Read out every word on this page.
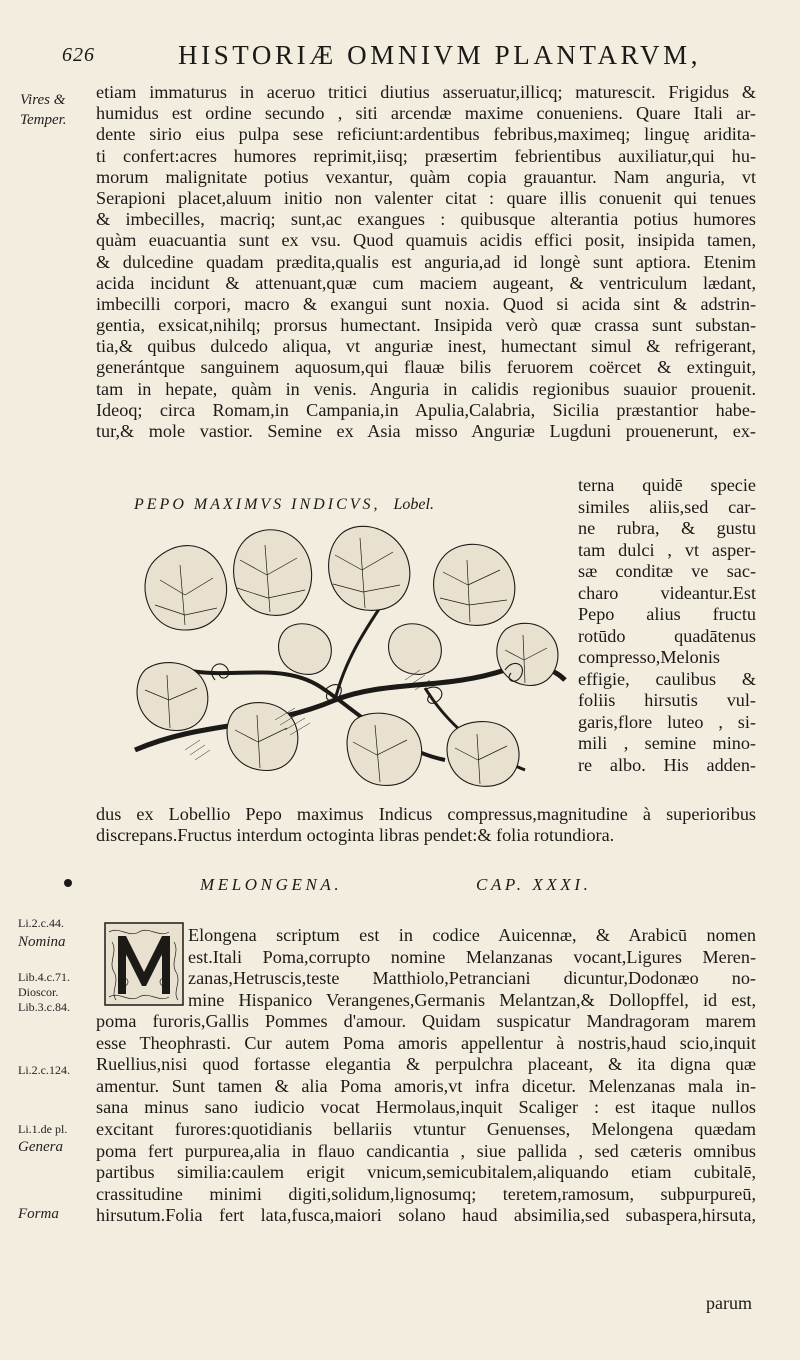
626	HISTORIÆ OMNIVM PLANTARVM,
Vires &
Temper.
etiam immaturus in aceruo tritici diutius asseruatur,illicq; maturescit. Frigidus &
humidus est ordine secundo , siti arcendæ maxime conueniens. Quare Itali ar-
dente sirio eius pulpa sese reficiunt:ardentibus febribus,maximeq; linguę aridita-
ti confert:acres humores reprimit,iisq; præsertim febrientibus auxiliatur,qui hu-
morum malignitate potius vexantur, quàm copia grauantur. Nam anguria, vt
Serapioni placet,aluum initio non valenter citat : quare illis conuenit qui tenues
& imbecilles, macriq; sunt,ac exangues : quibusque alterantia potius humores
quàm euacuantia sunt ex vsu. Quod quamuis acidis effici posit, insipida tamen,
& dulcedine quadam prædita,qualis est anguria,ad id longè sunt aptiora. Etenim
acida incidunt & attenuant,quæ cum maciem augeant, & ventriculum lædant,
imbecilli corpori, macro & exangui sunt noxia. Quod si acida sint & adstrin-
gentia, exsicat,nihilq; prorsus humectant. Insipida verò quæ crassa sunt substan-
tia,& quibus dulcedo aliqua, vt anguriæ inest, humectant simul & refrigerant,
generántque sanguinem aquosum,qui flauæ bilis feruorem coërcet & extinguit,
tam in hepate, quàm in venis. Anguria in calidis regionibus suauior prouenit.
Ideoq; circa Romam,in Campania,in Apulia,Calabria, Sicilia præstantior habe-
tur,& mole vastior. Semine ex Asia misso Anguriæ Lugduni prouenerunt, ex-
PEPO MAXIMVS INDICVS, Lobel.
terna quidē specie
similes aliis,sed car-
ne rubra, & gustu
tam dulci , vt asper-
sæ conditæ ve sac-
charo videantur.Est
Pepo alius fructu
rotūdo quadātenus
compresso,Melonis
effigie, caulibus &
foliis hirsutis vul-
garis,flore luteo , si-
mili , semine mino-
re albo. His adden-
dus ex Lobellio Pepo maximus Indicus compressus,magnitudine à superioribus
discrepans.Fructus interdum octoginta libras pendet:& folia rotundiora.
MELONGENA.	CAP. XXXI.
Li.2.c.44.
Nomina
Lib.4.c.71.
Dioscor.
Lib.3.c.84.
Li.2.c.124.
Li.1.de pl.
Genera
Forma
Elongena scriptum est in codice Auicennæ, & Arabicū nomen
est.Itali Poma,corrupto nomine Melanzanas vocant,Ligures Meren-
zanas,Hetruscis,teste Matthiolo,Petranciani dicuntur,Dodonæo no-
mine Hispanico Verangenes,Germanis Melantzan,& Dollopffel, id est,
poma furoris,Gallis Pommes d'amour. Quidam suspicatur Mandragoram marem
esse Theophrasti. Cur autem Poma amoris appellentur à nostris,haud scio,inquit
Ruellius,nisi quod fortasse elegantia & perpulchra placeant, & ita digna quæ
amentur. Sunt tamen & alia Poma amoris,vt infra dicetur. Melenzanas mala in-
sana minus sano iudicio vocat Hermolaus,inquit Scaliger : est itaque nullos
excitant furores:quotidianis bellariis vtuntur Genuenses, Melongena quædam
poma fert purpurea,alia in flauo candicantia , siue pallida , sed cæteris omnibus
partibus similia:caulem erigit vnicum,semicubitalem,aliquando etiam cubitalē,
crassitudine minimi digiti,solidum,lignosumq; teretem,ramosum, subpurpureū,
hirsutum.Folia fert lata,fusca,maiori solano haud absimilia,sed subaspera,hirsuta,
parum
